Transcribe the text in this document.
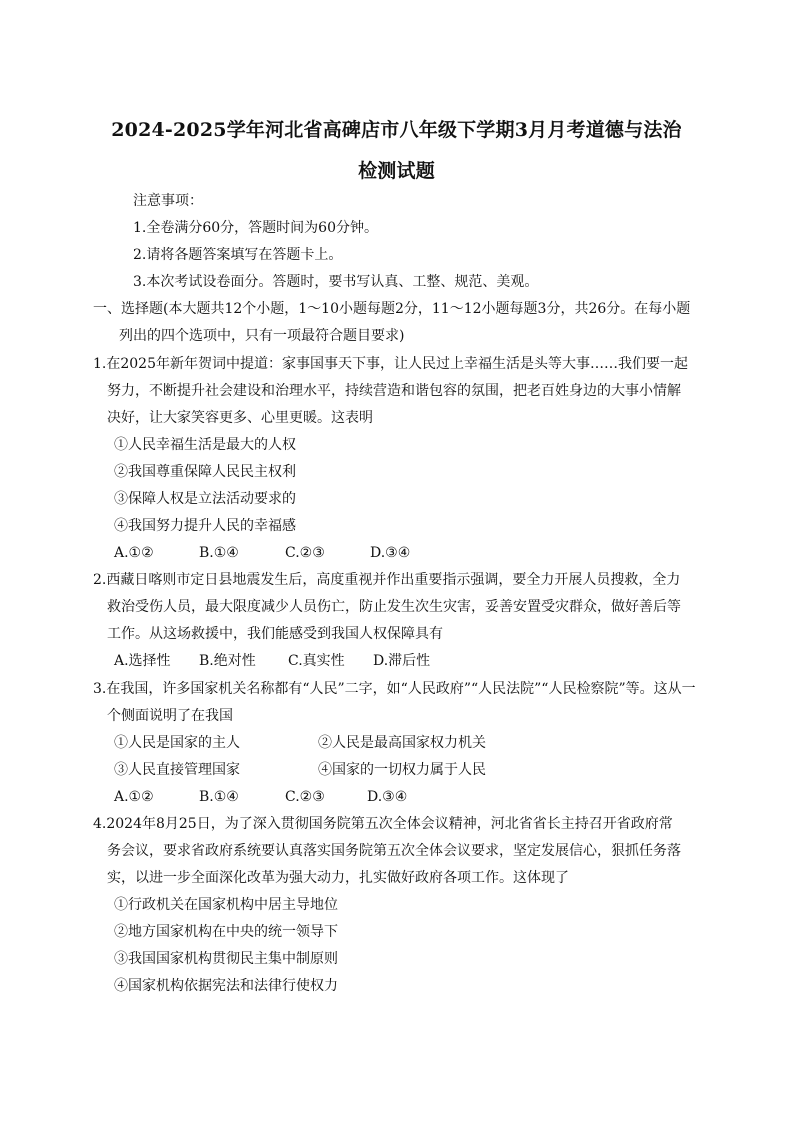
2024-2025学年河北省高碑店市八年级下学期3月月考道德与法治
检测试题
注意事项：
1.全卷满分60分，答题时间为60分钟。
2.请将各题答案填写在答题卡上。
3.本次考试设卷面分。答题时，要书写认真、工整、规范、美观。
一、选择题(本大题共12个小题，1～10小题每题2分，11～12小题每题3分，共26分。在每小题
列出的四个选项中，只有一项最符合题目要求)
1.在2025年新年贺词中提道：家事国事天下事，让人民过上幸福生活是头等大事……我们要一起
努力，不断提升社会建设和治理水平，持续营造和谐包容的氛围，把老百姓身边的大事小情解
决好，让大家笑容更多、心里更暖。这表明
①人民幸福生活是最大的人权
②我国尊重保障人民民主权利
③保障人权是立法活动要求的
④我国努力提升人民的幸福感
A.①②	B.①④	C.②③	D.③④
2.西藏日喀则市定日县地震发生后，高度重视并作出重要指示强调，要全力开展人员搜救，全力
救治受伤人员，最大限度减少人员伤亡，防止发生次生灾害，妥善安置受灾群众，做好善后等
工作。从这场救援中，我们能感受到我国人权保障具有
A.选择性 B.绝对性 C.真实性 D.滞后性
3.在我国，许多国家机关名称都有“人民”二字，如“人民政府”“人民法院”“人民检察院”等。这从一
个侧面说明了在我国
①人民是国家的主人	②人民是最高国家权力机关
③人民直接管理国家	④国家的一切权力属于人民
A.①②	B.①④	C.②③	D.③④
4.2024年8月25日，为了深入贯彻国务院第五次全体会议精神，河北省省长主持召开省政府常
务会议，要求省政府系统要认真落实国务院第五次全体会议要求，坚定发展信心，狠抓任务落
实，以进一步全面深化改革为强大动力，扎实做好政府各项工作。这体现了
①行政机关在国家机构中居主导地位
②地方国家机构在中央的统一领导下
③我国国家机构贯彻民主集中制原则
④国家机构依据宪法和法律行使权力
